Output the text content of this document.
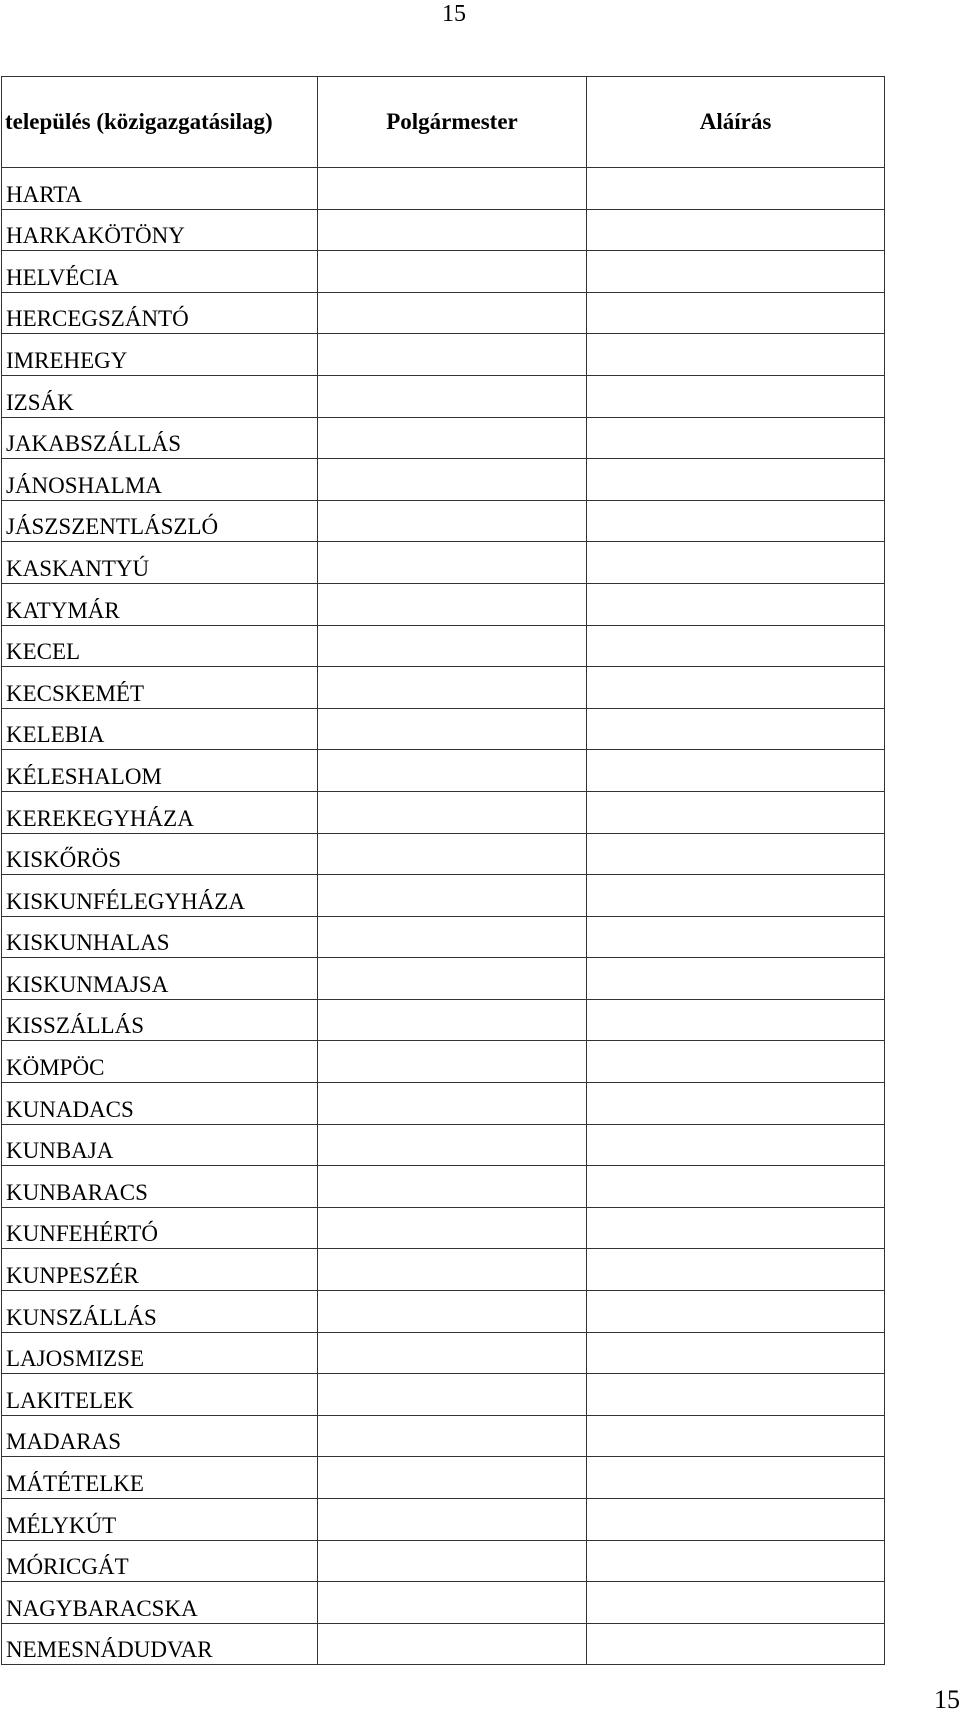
15
település (közigazgatásilag)	Polgármester	Aláírás
HARTA		
HARKAKÖTÖNY		
HELVÉCIA		
HERCEGSZÁNTÓ		
IMREHEGY		
IZSÁK		
JAKABSZÁLLÁS		
JÁNOSHALMA		
JÁSZSZENTLÁSZLÓ		
KASKANTYÚ		
KATYMÁR		
KECEL		
KECSKEMÉT		
KELEBIA		
KÉLESHALOM		
KEREKEGYHÁZA		
KISKŐRÖS		
KISKUNFÉLEGYHÁZA		
KISKUNHALAS		
KISKUNMAJSA		
KISSZÁLLÁS		
KÖMPÖC		
KUNADACS		
KUNBAJA		
KUNBARACS		
KUNFEHÉRTÓ		
KUNPESZÉR		
KUNSZÁLLÁS		
LAJOSMIZSE		
LAKITELEK		
MADARAS		
MÁTÉTELKE		
MÉLYKÚT		
MÓRICGÁT		
NAGYBARACSKA		
NEMESNÁDUDVAR		
15
